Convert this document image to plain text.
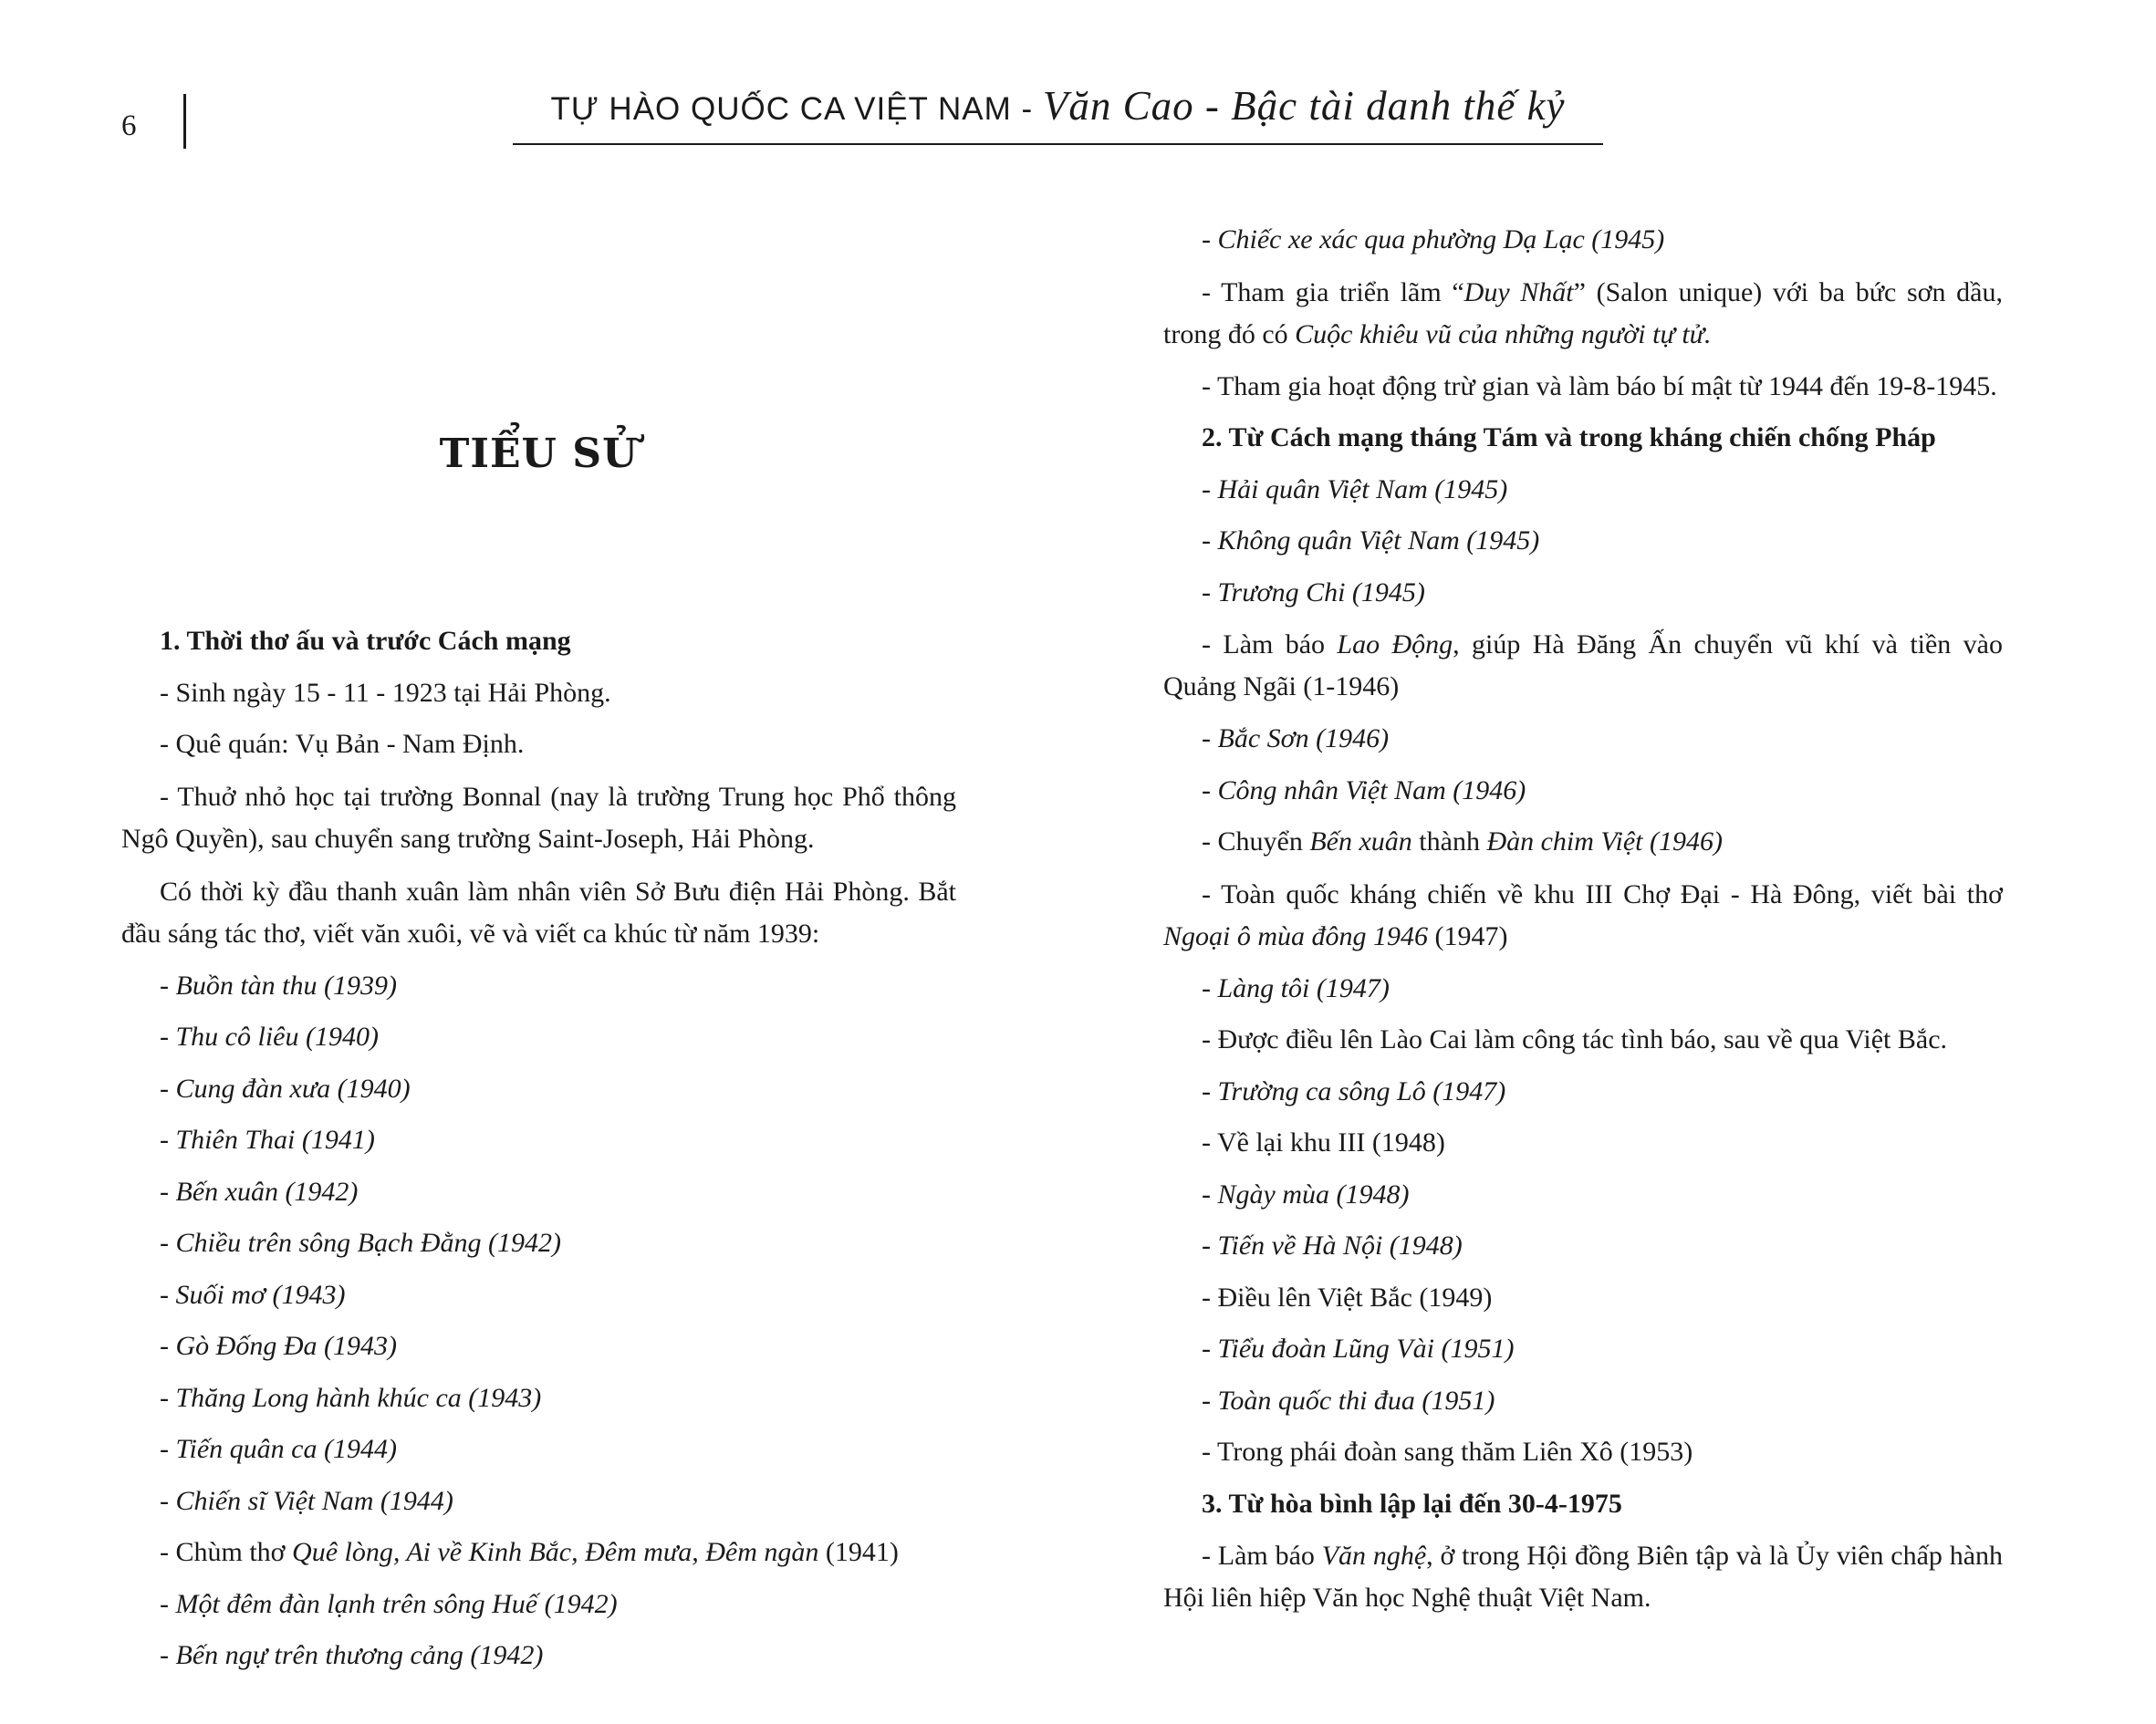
6	TỰ HÀO QUỐC CA VIỆT NAM - Văn Cao - Bậc tài danh thế kỷ
TIỂU SỬ

1. Thời thơ ấu và trước Cách mạng

- Sinh ngày 15 - 11 - 1923 tại Hải Phòng.

- Quê quán: Vụ Bản - Nam Định.

- Thuở nhỏ học tại trường Bonnal (nay là trường Trung học Phổ thông Ngô Quyền), sau chuyển sang trường Saint-Joseph, Hải Phòng.

Có thời kỳ đầu thanh xuân làm nhân viên Sở Bưu điện Hải Phòng. Bắt đầu sáng tác thơ, viết văn xuôi, vẽ và viết ca khúc từ năm 1939:

- Buồn tàn thu (1939)

- Thu cô liêu (1940)

- Cung đàn xưa (1940)

- Thiên Thai (1941)

- Bến xuân (1942)

- Chiều trên sông Bạch Đằng (1942)

- Suối mơ (1943)

- Gò Đống Đa (1943)

- Thăng Long hành khúc ca (1943)

- Tiến quân ca (1944)

- Chiến sĩ Việt Nam (1944)

- Chùm thơ Quê lòng, Ai về Kinh Bắc, Đêm mưa, Đêm ngàn (1941)

- Một đêm đàn lạnh trên sông Huế (1942)

- Bến ngự trên thương cảng (1942)

- Chiếc xe xác qua phường Dạ Lạc (1945)

- Tham gia triển lãm “Duy Nhất” (Salon unique) với ba bức sơn dầu, trong đó có Cuộc khiêu vũ của những người tự tử.

- Tham gia hoạt động trừ gian và làm báo bí mật từ 1944 đến 19-8-1945.

2. Từ Cách mạng tháng Tám và trong kháng chiến chống Pháp

- Hải quân Việt Nam (1945)

- Không quân Việt Nam (1945)

- Trương Chi (1945)

- Làm báo Lao Động, giúp Hà Đăng Ấn chuyển vũ khí và tiền vào Quảng Ngãi (1-1946)

- Bắc Sơn (1946)

- Công nhân Việt Nam (1946)

- Chuyển Bến xuân thành Đàn chim Việt (1946)

- Toàn quốc kháng chiến về khu III Chợ Đại - Hà Đông, viết bài thơ Ngoại ô mùa đông 1946 (1947)

- Làng tôi (1947)

- Được điều lên Lào Cai làm công tác tình báo, sau về qua Việt Bắc.

- Trường ca sông Lô (1947)

- Về lại khu III (1948)

- Ngày mùa (1948)

- Tiến về Hà Nội (1948)

- Điều lên Việt Bắc (1949)

- Tiểu đoàn Lũng Vài (1951)

- Toàn quốc thi đua (1951)

- Trong phái đoàn sang thăm Liên Xô (1953)

3. Từ hòa bình lập lại đến 30-4-1975

- Làm báo Văn nghệ, ở trong Hội đồng Biên tập và là Ủy viên chấp hành Hội liên hiệp Văn học Nghệ thuật Việt Nam.
